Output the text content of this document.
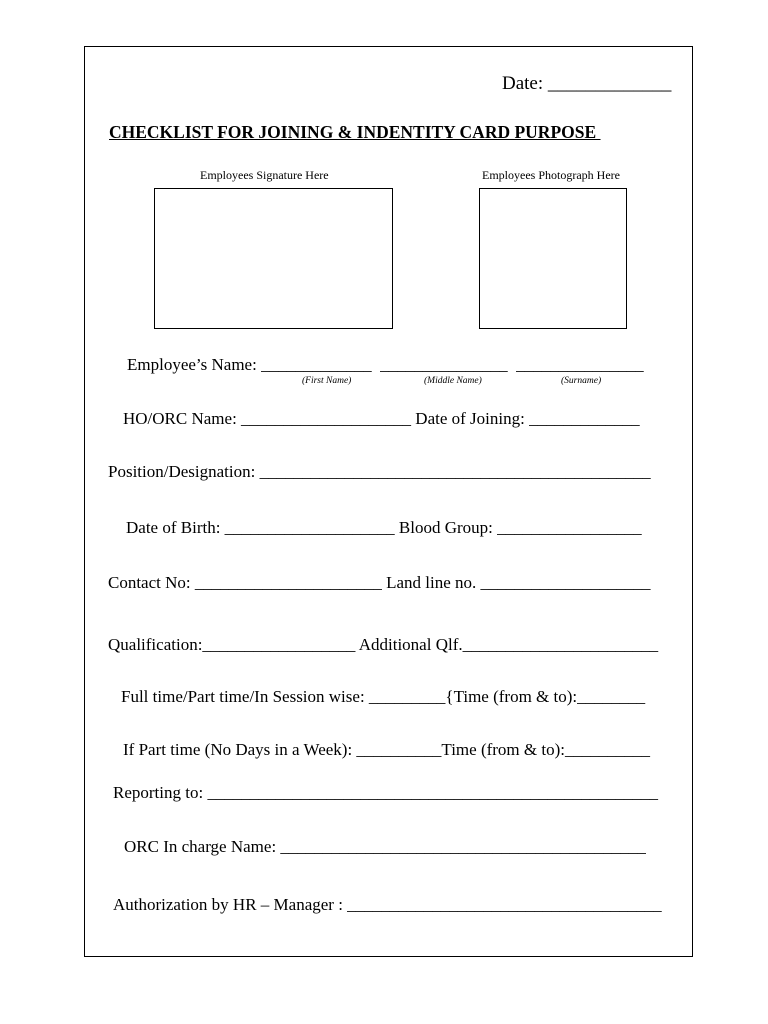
Date: _____________
CHECKLIST FOR JOINING & INDENTITY CARD PURPOSE
Employees Signature Here	Employees Photograph Here
Employee’s Name: _____________  _______________  _______________
(First Name)	(Middle Name)	(Surname)
HO/ORC Name: ____________________ Date of Joining: _____________
Position/Designation: ______________________________________________
Date of Birth: ____________________ Blood Group: _________________
Contact No: ______________________ Land line no. ____________________
Qualification:__________________ Additional Qlf._______________________
Full time/Part time/In Session wise: _________{Time (from & to):________
If Part time (No Days in a Week): __________Time (from & to):__________
Reporting to: _____________________________________________________
ORC In charge Name: ___________________________________________
Authorization by HR – Manager : _____________________________________
